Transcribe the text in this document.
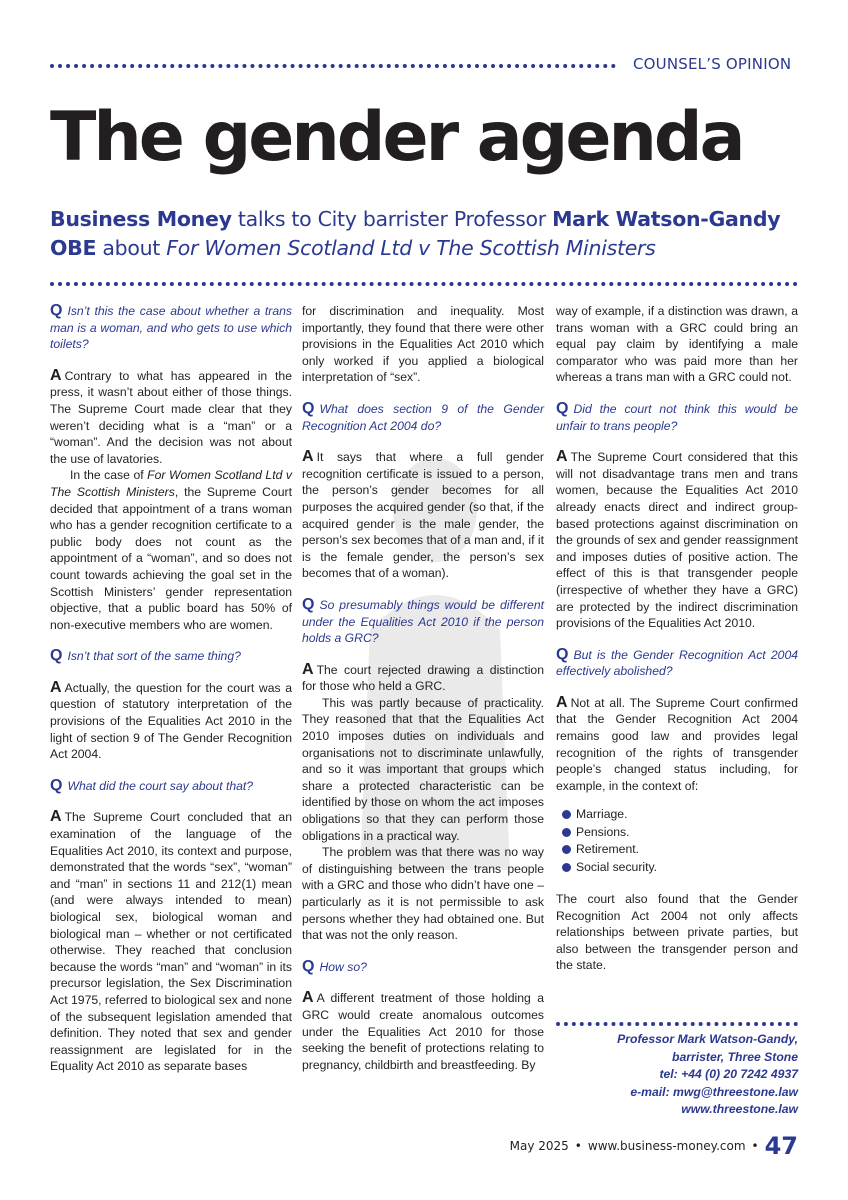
COUNSEL’S OPINION
The gender agenda

Business Money talks to City barrister Professor Mark Watson-Gandy OBE about For Women Scotland Ltd v The Scottish Ministers

Q Isn’t this the case about whether a trans man is a woman, and who gets to use which toilets?

A Contrary to what has appeared in the press, it wasn’t about either of those things. The Supreme Court made clear that they weren’t deciding what is a “man” or a “woman”. And the decision was not about the use of lavatories.

In the case of For Women Scotland Ltd v The Scottish Ministers, the Supreme Court decided that appointment of a trans woman who has a gender recognition certificate to a public body does not count as the appointment of a “woman”, and so does not count towards achieving the goal set in the Scottish Ministers’ gender representation objective, that a public board has 50% of non-executive members who are women.

Q Isn’t that sort of the same thing?

A Actually, the question for the court was a question of statutory interpretation of the provisions of the Equalities Act 2010 in the light of section 9 of The Gender Recognition Act 2004.

Q What did the court say about that?

A The Supreme Court concluded that an examination of the language of the Equalities Act 2010, its context and purpose, demonstrated that the words “sex”, “woman” and “man” in sections 11 and 212(1) mean (and were always intended to mean) biological sex, biological woman and biological man – whether or not certificated otherwise. They reached that conclusion because the words “man” and “woman” in its precursor legislation, the Sex Discrimination Act 1975, referred to biological sex and none of the subsequent legislation amended that definition. They noted that sex and gender reassignment are legislated for in the Equality Act 2010 as separate bases

for discrimination and inequality. Most importantly, they found that there were other provisions in the Equalities Act 2010 which only worked if you applied a biological interpretation of “sex”.

Q What does section 9 of the Gender Recognition Act 2004 do?

A It says that where a full gender recognition certificate is issued to a person, the person’s gender becomes for all purposes the acquired gender (so that, if the acquired gender is the male gender, the person’s sex becomes that of a man and, if it is the female gender, the person’s sex becomes that of a woman).

Q So presumably things would be different under the Equalities Act 2010 if the person holds a GRC?

A The court rejected drawing a distinction for those who held a GRC.

This was partly because of practicality. They reasoned that that the Equalities Act 2010 imposes duties on individuals and organisations not to discriminate unlawfully, and so it was important that groups which share a protected characteristic can be identified by those on whom the act imposes obligations so that they can perform those obligations in a practical way.

The problem was that there was no way of distinguishing between the trans people with a GRC and those who didn’t have one – particularly as it is not permissible to ask persons whether they had obtained one. But that was not the only reason.

Q How so?

A A different treatment of those holding a GRC would create anomalous outcomes under the Equalities Act 2010 for those seeking the benefit of protections relating to pregnancy, childbirth and breastfeeding. By

way of example, if a distinction was drawn, a trans woman with a GRC could bring an equal pay claim by identifying a male comparator who was paid more than her whereas a trans man with a GRC could not.

Q Did the court not think this would be unfair to trans people?

A The Supreme Court considered that this will not disadvantage trans men and trans women, because the Equalities Act 2010 already enacts direct and indirect group-based protections against discrimination on the grounds of sex and gender reassignment and imposes duties of positive action. The effect of this is that transgender people (irrespective of whether they have a GRC) are protected by the indirect discrimination provisions of the Equalities Act 2010.

Q But is the Gender Recognition Act 2004 effectively abolished?

A Not at all. The Supreme Court confirmed that the Gender Recognition Act 2004 remains good law and provides legal recognition of the rights of transgender people’s changed status including, for example, in the context of:

Marriage.
Pensions.
Retirement.
Social security.

The court also found that the Gender Recognition Act 2004 not only affects relationships between private parties, but also between the transgender person and the state.

Professor Mark Watson-Gandy,
barrister, Three Stone
tel: +44 (0) 20 7242 4937
e-mail: mwg@threestone.law
www.threestone.law
May 2025 • www.business-money.com • 47
